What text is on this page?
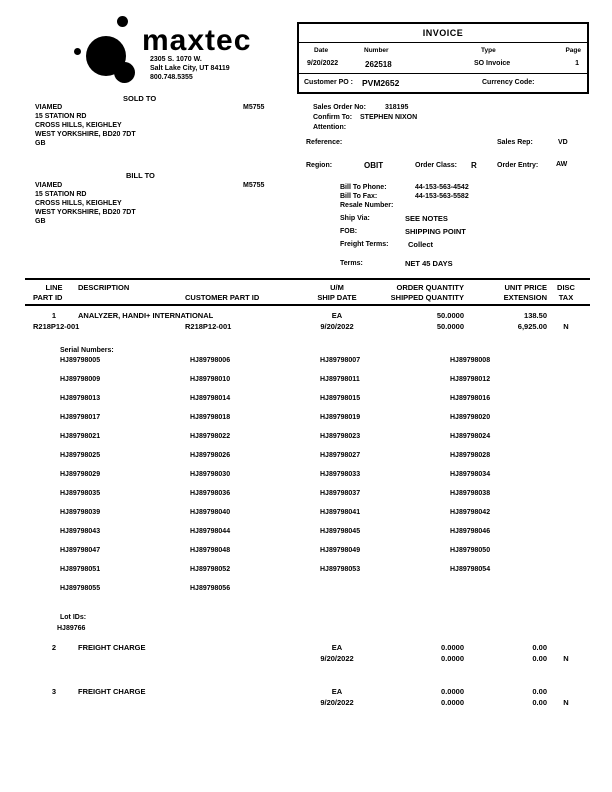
maxtec
2305 S. 1070 W.
Salt Lake City, UT 84119
800.748.5355
INVOICE
Date	Number	Type	Page
9/20/2022	262518	SO Invoice	1
Customer PO : PVM2652	Currency Code:
SOLD TO
VIAMED	M5755
15 STATION RD
CROSS HILLS, KEIGHLEY
WEST YORKSHIRE, BD20 7DT
GB
Sales Order No:	318195
Confirm To: STEPHEN NIXON
Attention:
Reference:	Sales Rep:	VD
Region:	OBIT	Order Class: R	Order Entry:	AW
BILL TO
VIAMED	M5755
15 STATION RD
CROSS HILLS, KEIGHLEY
WEST YORKSHIRE, BD20 7DT
GB
Bill To Phone:	44-153-563-4542
Bill To Fax:	44-153-563-5582
Resale Number:
Ship Via:	SEE NOTES
FOB:	SHIPPING POINT
Freight Terms:	Collect
Terms:	NET 45 DAYS
LINE	DESCRIPTION	U/M	ORDER QUANTITY	UNIT PRICE	DISC
PART ID	CUSTOMER PART ID	SHIP DATE	SHIPPED QUANTITY	EXTENSION	TAX
1	ANALYZER, HANDI+ INTERNATIONAL	EA	50.0000	138.50
R218P12-001	R218P12-001	9/20/2022	50.0000	6,925.00	N
Serial Numbers:
HJ89798005	HJ89798006	HJ89798007	HJ89798008
HJ89798009	HJ89798010	HJ89798011	HJ89798012
HJ89798013	HJ89798014	HJ89798015	HJ89798016
HJ89798017	HJ89798018	HJ89798019	HJ89798020
HJ89798021	HJ89798022	HJ89798023	HJ89798024
HJ89798025	HJ89798026	HJ89798027	HJ89798028
HJ89798029	HJ89798030	HJ89798033	HJ89798034
HJ89798035	HJ89798036	HJ89798037	HJ89798038
HJ89798039	HJ89798040	HJ89798041	HJ89798042
HJ89798043	HJ89798044	HJ89798045	HJ89798046
HJ89798047	HJ89798048	HJ89798049	HJ89798050
HJ89798051	HJ89798052	HJ89798053	HJ89798054
HJ89798055	HJ89798056
Lot IDs:
HJ89766
2	FREIGHT CHARGE	EA	0.0000	0.00
9/20/2022	0.0000	0.00	N
3	FREIGHT CHARGE	EA	0.0000	0.00
9/20/2022	0.0000	0.00	N
